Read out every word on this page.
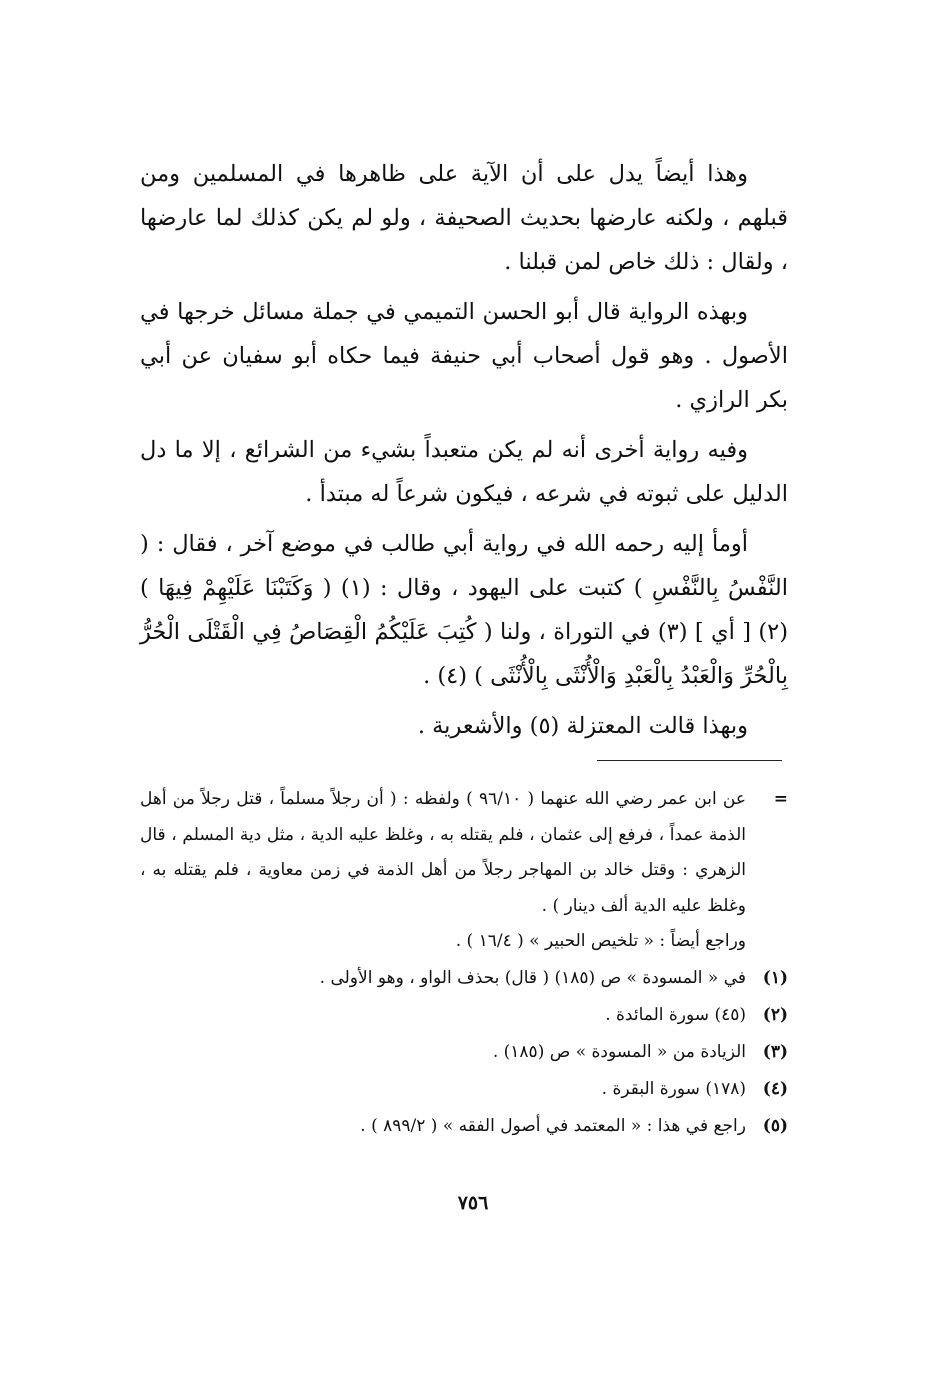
وهذا أيضاً يدل على أن الآية على ظاهرها في المسلمين ومن قبلهم ، ولكنه عارضها بحديث الصحيفة ، ولو لم يكن كذلك لما عارضها ، ولقال : ذلك خاص لمن قبلنا .

وبهذه الرواية قال أبو الحسن التميمي في جملة مسائل خرجها في الأصول . وهو قول أصحاب أبي حنيفة فيما حكاه أبو سفيان عن أبي بكر الرازي .

وفيه رواية أخرى أنه لم يكن متعبداً بشيء من الشرائع ، إلا ما دل الدليل على ثبوته في شرعه ، فيكون شرعاً له مبتدأ .

أومأ إليه رحمه الله في رواية أبي طالب في موضع آخر ، فقال : ( النَّفْسُ بِالنَّفْسِ ) كتبت على اليهود ، وقال : (١) ( وَكَتَبْنَا عَلَيْهِمْ فِيهَا ) (٢) [ أي ] (٣) في التوراة ، ولنا ( كُتِبَ عَلَيْكُمُ الْقِصَاصُ فِي الْقَتْلَى الْحُرُّ بِالْحُرِّ وَالْعَبْدُ بِالْعَبْدِ وَالْأُنْثَى بِالْأُنْثَى ) (٤) .

وبهذا قالت المعتزلة (٥) والأشعرية .

=
عن ابن عمر رضي الله عنهما ( ٩٦/١٠ ) ولفظه : ( أن رجلاً مسلماً ، قتل رجلاً من أهل الذمة عمداً ، فرفع إلى عثمان ، فلم يقتله به ، وغلظ عليه الدية ، مثل دية المسلم ، قال الزهري : وقتل خالد بن المهاجر رجلاً من أهل الذمة في زمن معاوية ، فلم يقتله به ، وغلظ عليه الدية ألف دينار ) .
وراجع أيضاً : « تلخيص الحبير » ( ١٦/٤ ) .
(١)
في « المسودة » ص (١٨٥) ( قال) بحذف الواو ، وهو الأولى .
(٢)
(٤٥) سورة المائدة .
(٣)
الزيادة من « المسودة » ص (١٨٥) .
(٤)
(١٧٨) سورة البقرة .
(٥)
راجع في هذا : « المعتمد في أصول الفقه » ( ٨٩٩/٢ ) .
٧٥٦
